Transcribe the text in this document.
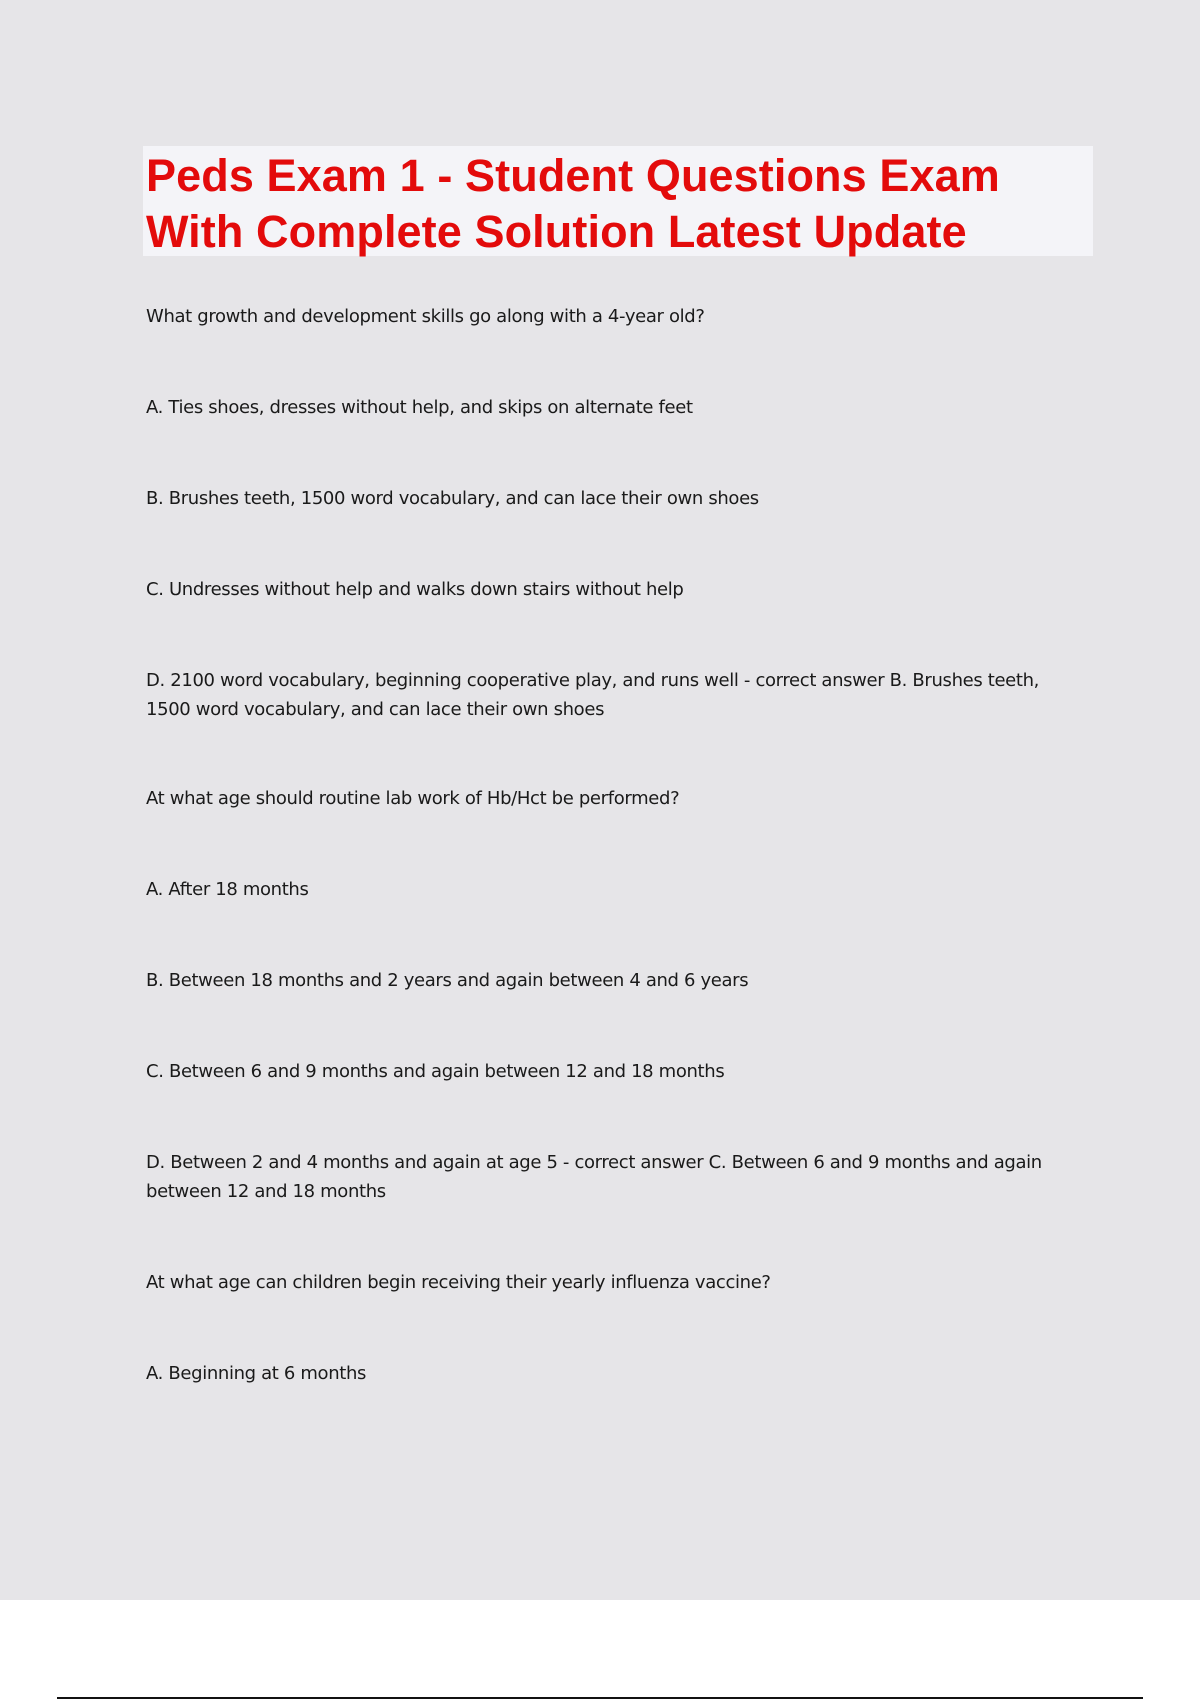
Peds Exam 1 - Student Questions Exam With Complete Solution Latest Update

What growth and development skills go along with a 4-year old?

A. Ties shoes, dresses without help, and skips on alternate feet

B. Brushes teeth, 1500 word vocabulary, and can lace their own shoes

C. Undresses without help and walks down stairs without help

D. 2100 word vocabulary, beginning cooperative play, and runs well - correct answer B. Brushes teeth, 1500 word vocabulary, and can lace their own shoes

At what age should routine lab work of Hb/Hct be performed?

A. After 18 months

B. Between 18 months and 2 years and again between 4 and 6 years

C. Between 6 and 9 months and again between 12 and 18 months

D. Between 2 and 4 months and again at age 5 - correct answer C. Between 6 and 9 months and again between 12 and 18 months

At what age can children begin receiving their yearly influenza vaccine?

A. Beginning at 6 months
